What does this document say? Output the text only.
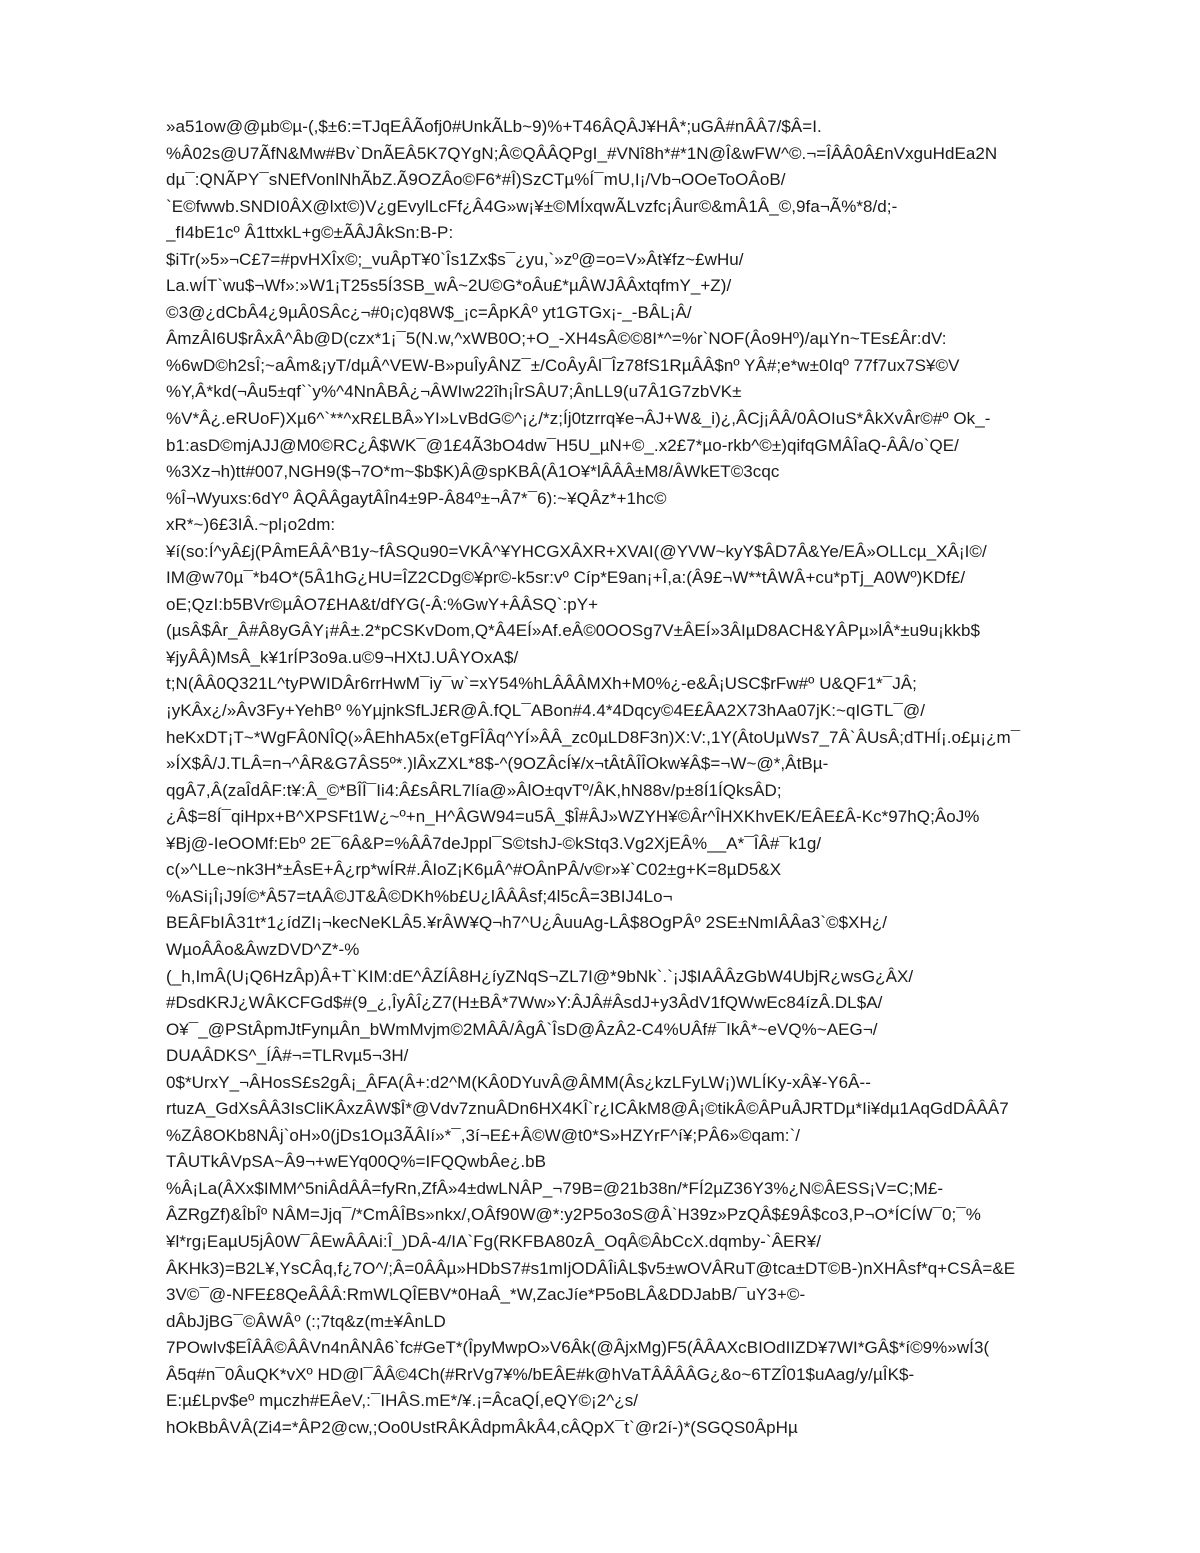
»a51ow@@µb©µ-(,$±6:=TJqEÂÃofj0#UnkÃLb~9)%+T46ÂQÂJ¥HÂ*;uGÂ#nÂÂ7/$Â=I.
%Â02s@U7ÃfN&Mw#Bv`DnÃEÂ5K7QYgN;Â©QÂÂQPgI_#VNî8h*#*1N@Î&wFW^©.¬=ÎÂÂ0Â£nVxguHdEa2N
dµ¯:QNÃPY¯sNEfVonlNhÃbZ.Ã9OZÂo©F6*#Î)SzCTµ%Í¯mU,I¡/Vb¬OOeToOÂoB/
`E©fwwb.SNDI0ÂX@lxt©)V¿gEvylLcFf¿Â4G»w¡¥±©MÍxqwÃLvzfc¡Âur©&mÂ1Â_©,9fa¬Ã%*8/d;-
_fI4bE1cº Â1ttxkL+g©±ÃÂJÂkSn:B-P:
$iTr(»5»¬C£7=#pvHXÎx©;_vuÂpT¥0`Îs1Zx$s¯¿yu,`»zº@=o=V»Ât¥fz~£wHu/
La.wÍT`wu$¬Wf»:»W1¡T25s5Í3SB_wÂ~2U©G*oÂu£*µÂWJÂÂxtqfmY_+Z)/
©3@¿dCbÂ4¿9µÂ0SÂc¿¬#0¡c)q8W$_¡c=ÂpKÂº yt1GTGx¡-_-BÂL¡Â/
ÂmzÂI6U$rÂxÂ^Âb@D(czx*1¡¯5(N.w,^xWB0O;+O_-XH4sÂ©©8I*^=%r`NOF(Âo9Hº)/aµYn~TEs£Âr:dV:
%6wD©h2sÎ;~aÂm&¡yT/dµÂ^VEW-B»puÎyÂNZ¯±/CoÂyÂl¯Îz78fS1RµÂÂ$nº YÂ#;e*w±0Iqº 77f7ux7S¥©V
%Y,Â*kd(¬Âu5±qf``y%^4NnÂBÂ¿¬ÂWIw22îh¡ÎrSÂU7;ÂnLL9(u7Â1G7zbVK±
%V*Â¿.eRUoF)Xµ6^`**^xR£LBÂ»YI»LvBdG©^¡¿/*z;Íj0tzrrq¥e¬ÂJ+W&_i)¿,ÂCj¡ÂÂ/0ÂOIuS*ÂkXvÂr©#º Ok_-
b1:asD©mjAJJ@M0©RC¿Â$WK¯@1£4Ã3bO4dw¯H5U_µN+©_.x2£7*µo-rkb^©±)qifqGMÂÎaQ-ÂÂ/o`QE/
%3Xz¬h)tt#007,NGH9($¬7O*m~$b$K)Â@spKBÂ(Â1O¥*lÂÂÂ±M8/ÂWkET©3cqc
%Î¬Wyuxs:6dYº ÂQÂÂgaytÂÎn4±9P-Â84º±¬Â7*¯6):~¥QÂz*+1hc©
xR*~)6£3IÂ.~pl¡o2dm:
¥í(so:Í^yÂ£j(PÂmEÂÂ^B1y~fÂSQu90=VKÂ^¥YHCGXÂXR+XVAI(@YVW~kyY$ÂD7Â&Ye/EÂ»OLLcµ_XÂ¡I©/
IM@w70µ¯*b4O*(5Â1hG¿HU=ÎZ2CDg©¥pr©-k5sr:vº Cíp*E9an¡+Î,a:(Â9£¬W**tÂWÂ+cu*pTj_A0Wº)KDf£/
oE;QzI:b5BVr©µÂO7£HA&t/dfYG(-Â:%GwY+ÂÂSQ`:pY+
(µsÂ$Âr_Â#Â8yGÂY¡#Â±.2*pCSKvDom,Q*Â4EÍ»Af.eÂ©0OOSg7V±ÂEÍ»3ÂIµD8ACH&YÂPµ»lÂ*±u9u¡kkb$
¥jyÂÂ)MsÂ_k¥1rÍP3o9a.u©9¬HXtJ.UÂYOxA$/
t;N(ÂÂ0Q321L^tyPWIDÂr6rrHwM¯iy¯w`=xY54%hLÂÂÂMXh+M0%¿-e&Â¡USC$rFw#º U&QF1*¯JÂ;
¡yKÂx¿/»Âv3Fy+YehBº %YµjnkSfLJ£R@Â.fQL¯ABon#4.4*4Dqcy©4E£ÂA2X73hAa07jK:~qIGTL¯@/
heKxDT¡T~*WgFÂ0NÎQ(»ÂEhhA5x(eTgFÎÂq^YÍ»ÂÂ_zc0µLD8F3n)X:V:,1Y(ÂtoUµWs7_7Â`ÂUsÂ;dTHÍ¡.o£µ¡¿m¯
»ÍX$Â/J.TLÂ=n¬^ÂR&G7ÂS5º*.)lÂxZXL*8$-^(9OZÂcÍ¥/x¬tÂtÂÎÎOkw¥Â$=¬W~@*,ÂtBµ-
qgÂ7,Â(zaÎdÂF:t¥:Â_©*BÎÎ¯Ii4:Â£sÂRL7lía@»ÂlO±qvTº/ÂK,hN88v/p±8Í1ÍQksÂD;
¿Â$=8Í¯qiHpx+B^XPSFt1W¿~º+n_H^ÂGW94=u5Â_$Î#ÂJ»WZYH¥©Âr^ÎHXKhvEK/EÂE£Â-Kc*97hQ;ÂoJ%
¥Bj@-IeOOMf:Ebº 2E¯6Â&P=%ÂÂ7deJppl¯S©tshJ-©kStq3.Vg2XjEÂ%__A*¯ÎÂ#¯k1g/
c(»^LLe~nk3H*±ÂsE+Â¿rp*wÍR#.ÂIoZ¡K6µÂ^#OÂnPÂ/v©r»¥`C02±g+K=8µD5&X
%ASi¡Î¡J9Í©*Â57=tAÂ©JT&Â©DKh%b£U¿lÂÂÂsf;4l5cÂ=3BIJ4Lo¬
BEÂFbIÂ31t*1¿ídZI¡¬kecNeKLÂ5.¥rÂW¥Q¬h7^U¿ÂuuAg-LÂ$8OgPÂº 2SE±NmIÂÂa3`©$XH¿/
WµoÂÂo&ÂwzDVD^Z*-%
(_h,ImÂ(U¡Q6HzÂp)Â+T`KIM:dE^ÂZÍÂ8H¿íyZNqS¬ZL7I@*9bNk`.`¡J$IAÂÂzGbW4UbjR¿wsG¿ÂX/
#DsdKRJ¿WÂKCFGd$#(9_¿,ÎyÂÎ¿Z7(H±BÂ*7Ww»Y:ÂJÂ#ÂsdJ+y3ÂdV1fQWwEc84ízÂ.DL$A/
O¥¯_@PStÂpmJtFynµÂn_bWmMvjm©2MÂÂ/ÂgÂ`ÎsD@ÂzÂ2-C4%UÂf#¯IkÂ*~eVQ%~AEG¬/
DUAÂDKS^_ÍÂ#¬=TLRvµ5¬3H/
0$*UrxY_¬ÂHosS£s2gÂ¡_ÂFA(Â+:d2^M(KÂ0DYuvÂ@ÂMM(Âs¿kzLFyLW¡)WLÍKy-xÂ¥-Y6Â--
rtuzA_GdXsÂÂ3IsCliKÂxzÂW$Î*@Vdv7znuÂDn6HX4KÎ`r¿ICÂkM8@Â¡©tikÂ©ÂPuÂJRTDµ*Ii¥dµ1AqGdDÂÂÂ7
%ZÂ8OKb8NÂj`oH»0(jDs1Oµ3ÃÂIí»*¯,3í¬E£+Â©W@t0*S»HZYrF^í¥;PÂ6»©qam:`/
TÂUTkÂVpSA~Â9¬+wEYq00Q%=IFQQwbÂe¿.bB
%Â¡La(ÂXx$IMM^5niÂdÂÂ=fyRn,ZfÂ»4±dwLNÂP_¬79B=@21b38n/*FÍ2µZ36Y3%¿N©ÂESS¡V=C;M£-
ÂZRgZf)&ÎbÎº NÂM=Jjq¯/*CmÂÎBs»nkx/,OÂf90W@*:y2P5o3oS@Â`H39z»PzQÂ$£9Â$co3,P¬O*ÍCÍW¯0;¯%
¥l*rg¡EaµU5jÂ0W¯ÂEwÂÂAi:Î_)DÂ-4/IA`Fg(RKFBA80zÂ_OqÂ©ÂbCcX.dqmby-`ÂER¥/
ÂKHk3)=B2L¥,YsCÂq,f¿7O^/;Â=0ÂÂµ»HDbS7#s1mIjODÂÎiÂL$v5±wOVÂRuT@tca±DT©B-)nXHÂsf*q+CSÂ=&E
3V©¯@-NFE£8QeÂÂÂ:RmWLQÎEBV*0HaÂ_*W,ZacJíe*P5oBLÂ&DDJabB/¯uY3+©-
dÂbJjBG¯©ÂWÂº (:;7tq&z(m±¥ÂnLD
7POwIv$EÎÂÂ©ÂÂVn4nÂNÂ6`fc#GeT*(ÎpyMwpO»V6Âk(@ÂjxMg)F5(ÂÂAXcBIOdIIZD¥7WI*GÂ$*í©9%»wÍ3(
Â5q#n¯0ÂuQK*vXº HD@l¯ÂÂ©4Ch(#RrVg7¥%/bEÂE#k@hVaTÂÂÂÂG¿&o~6TZÎ01$uAag/y/µÎK$-
E:µ£Lpv$eº mµczh#EÂeV,:¯IHÂS.mE*/¥.¡=ÂcaQÍ,eQY©¡2^¿s/
hOkBbÂVÂ(Zi4=*ÂP2@cw,;Oo0UstRÂKÂdpmÂkÂ4,cÂQpX¯t`@r2í-)*(SGQS0ÂpHµ
